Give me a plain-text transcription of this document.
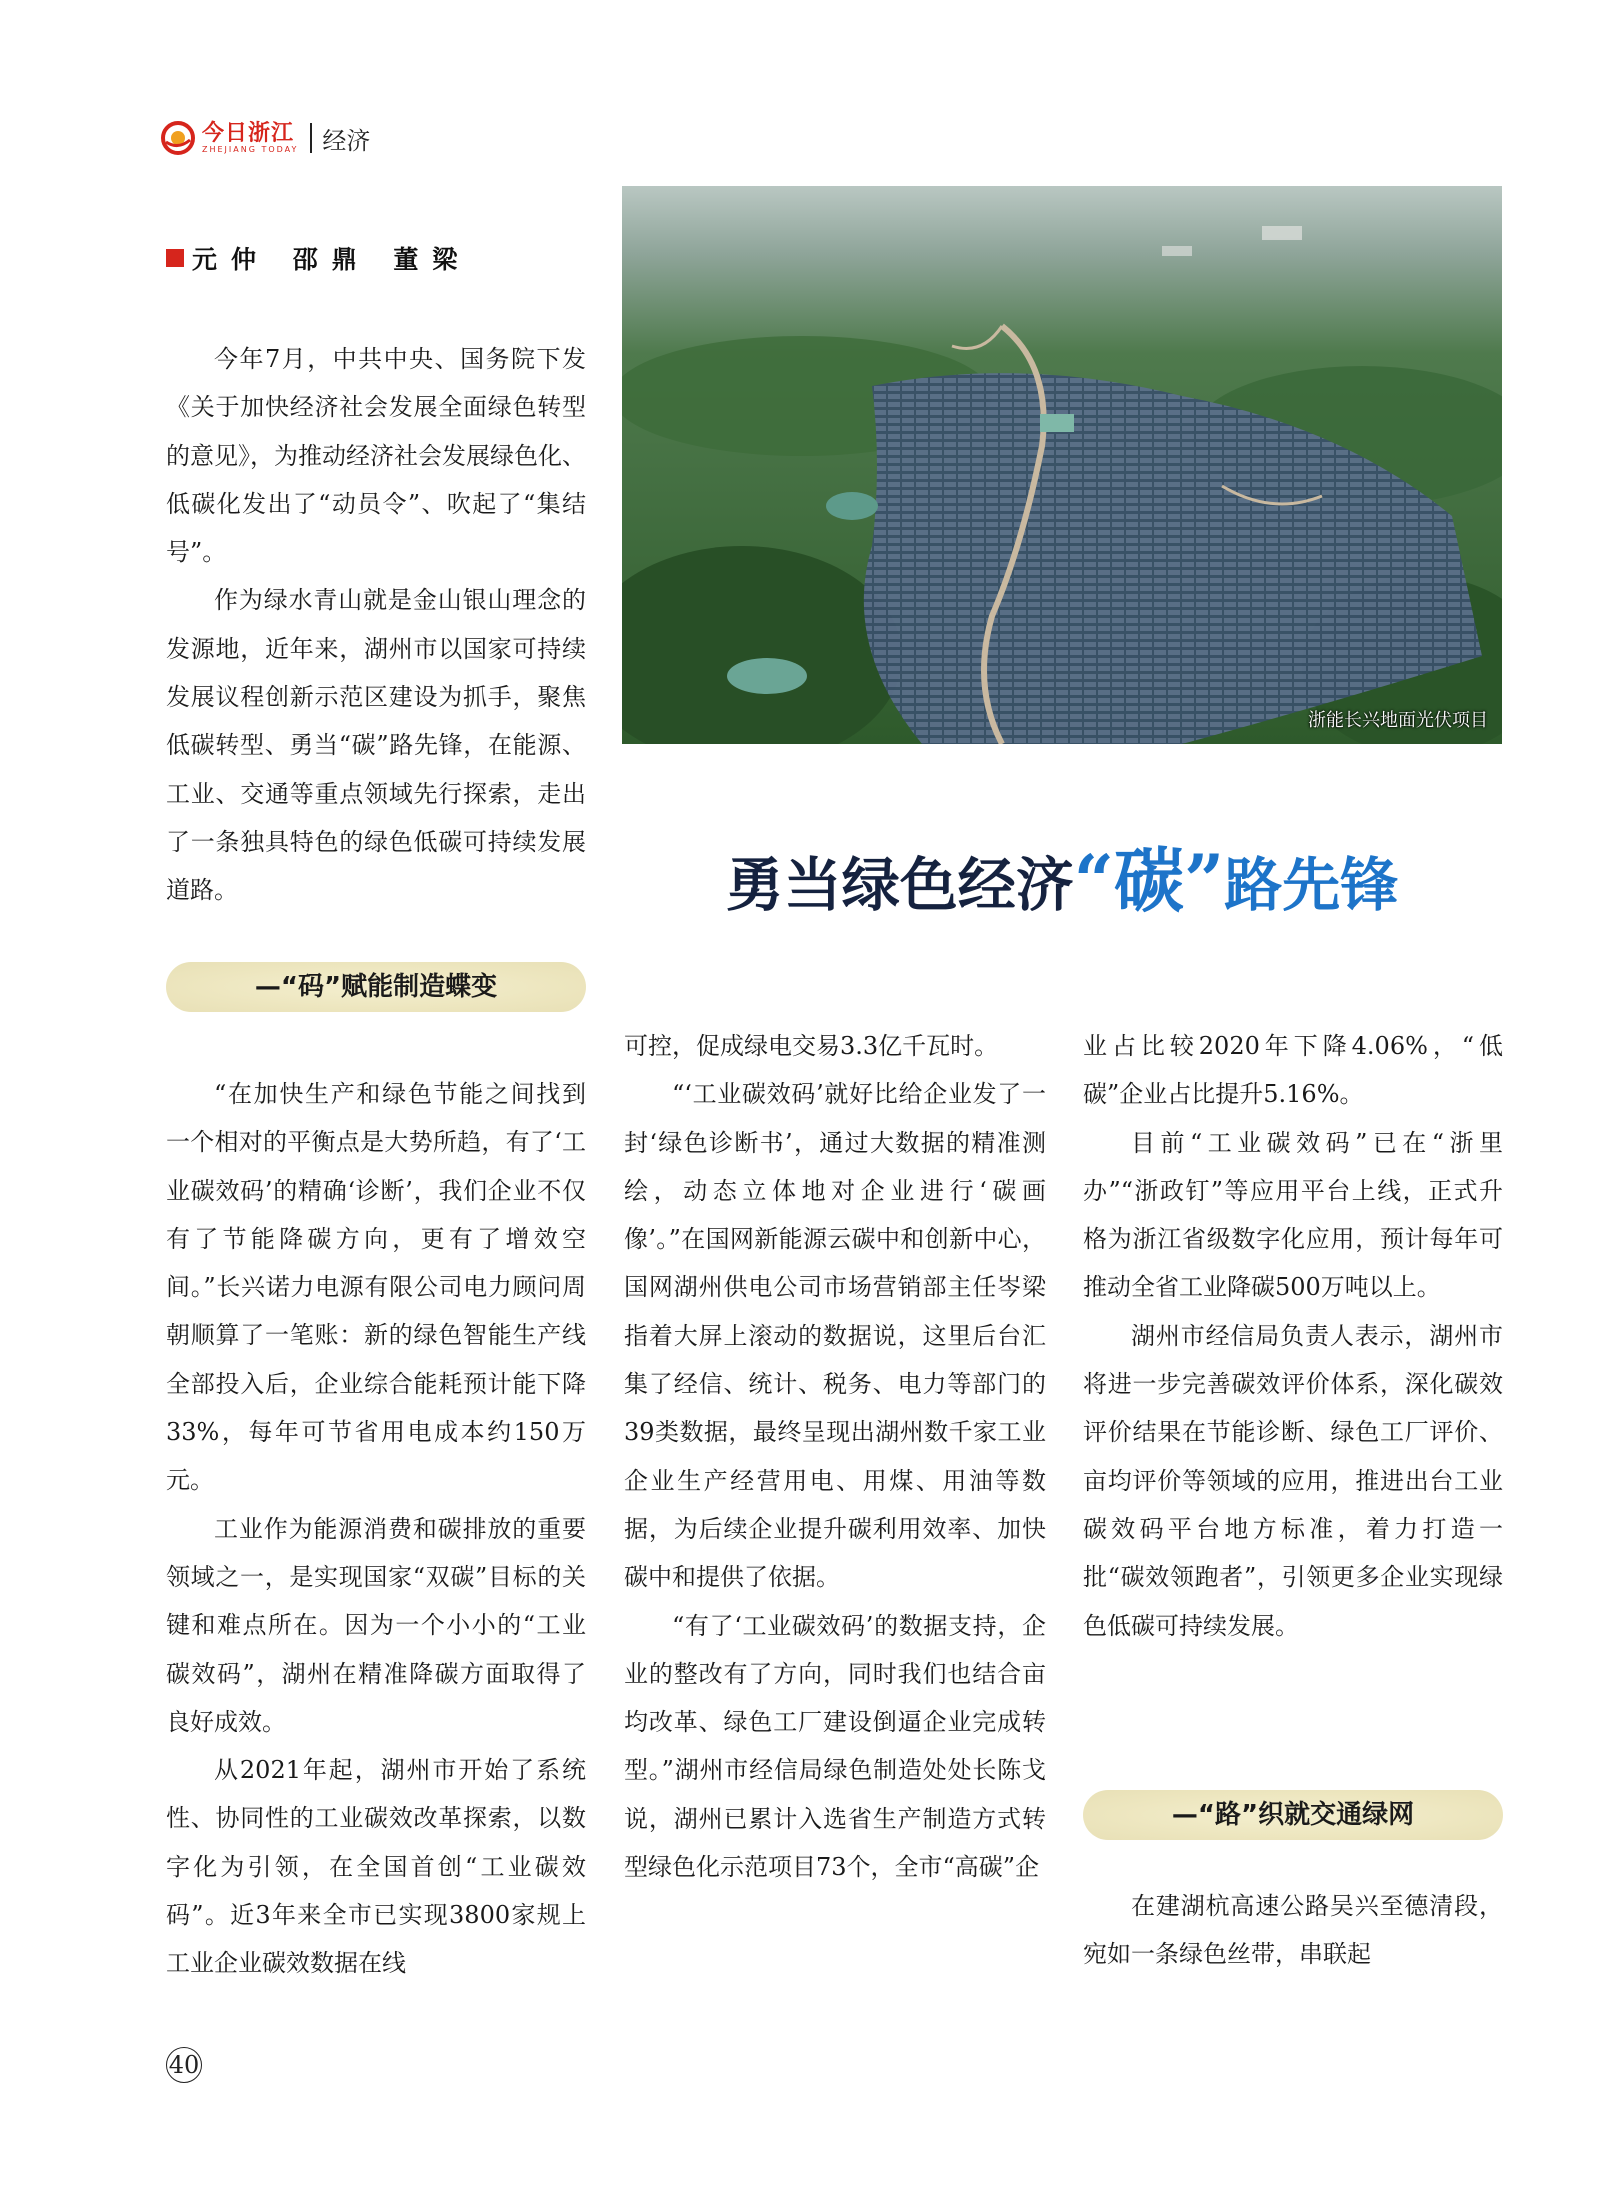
今日浙江
ZHEJIANG TODAY 经济
元仲 邵鼎 董梁

今年7月，中共中央、国务院下发《关于加快经济社会发展全面绿色转型的意见》，为推动经济社会发展绿色化、低碳化发出了“动员令”、吹起了“集结号”。

作为绿水青山就是金山银山理念的发源地，近年来，湖州市以国家可持续发展议程创新示范区建设为抓手，聚焦低碳转型、勇当“碳”路先锋，在能源、工业、交通等重点领域先行探索，走出了一条独具特色的绿色低碳可持续发展道路。

浙能长兴地面光伏项目
勇当绿色经济“碳”路先锋
—“码”赋能制造蝶变

“在加快生产和绿色节能之间找到一个相对的平衡点是大势所趋，有了‘工业碳效码’的精确‘诊断’，我们企业不仅有了节能降碳方向，更有了增效空间。”长兴诺力电源有限公司电力顾问周朝顺算了一笔账：新的绿色智能生产线全部投入后，企业综合能耗预计能下降33%，每年可节省用电成本约150万元。

工业作为能源消费和碳排放的重要领域之一，是实现国家“双碳”目标的关键和难点所在。因为一个小小的“工业碳效码”，湖州在精准降碳方面取得了良好成效。

从2021年起，湖州市开始了系统性、协同性的工业碳效改革探索，以数字化为引领，在全国首创“工业碳效码”。近3年来全市已实现3800家规上工业企业碳效数据在线

可控，促成绿电交易3.3亿千瓦时。

“‘工业碳效码’就好比给企业发了一封‘绿色诊断书’，通过大数据的精准测绘，动态立体地对企业进行‘碳画像’。”在国网新能源云碳中和创新中心，国网湖州供电公司市场营销部主任岑梁指着大屏上滚动的数据说，这里后台汇集了经信、统计、税务、电力等部门的39类数据，最终呈现出湖州数千家工业企业生产经营用电、用煤、用油等数据，为后续企业提升碳利用效率、加快碳中和提供了依据。

“有了‘工业碳效码’的数据支持，企业的整改有了方向，同时我们也结合亩均改革、绿色工厂建设倒逼企业完成转型。”湖州市经信局绿色制造处处长陈戈说，湖州已累计入选省生产制造方式转型绿色化示范项目73个，全市“高碳”企

业占比较2020年下降4.06%，“低碳”企业占比提升5.16%。

目前“工业碳效码”已在“浙里办”“浙政钉”等应用平台上线，正式升格为浙江省级数字化应用，预计每年可推动全省工业降碳500万吨以上。

湖州市经信局负责人表示，湖州市将进一步完善碳效评价体系，深化碳效评价结果在节能诊断、绿色工厂评价、亩均评价等领域的应用，推进出台工业碳效码平台地方标准，着力打造一批“碳效领跑者”，引领更多企业实现绿色低碳可持续发展。

—“路”织就交通绿网

在建湖杭高速公路吴兴至德清段，宛如一条绿色丝带，串联起

40
